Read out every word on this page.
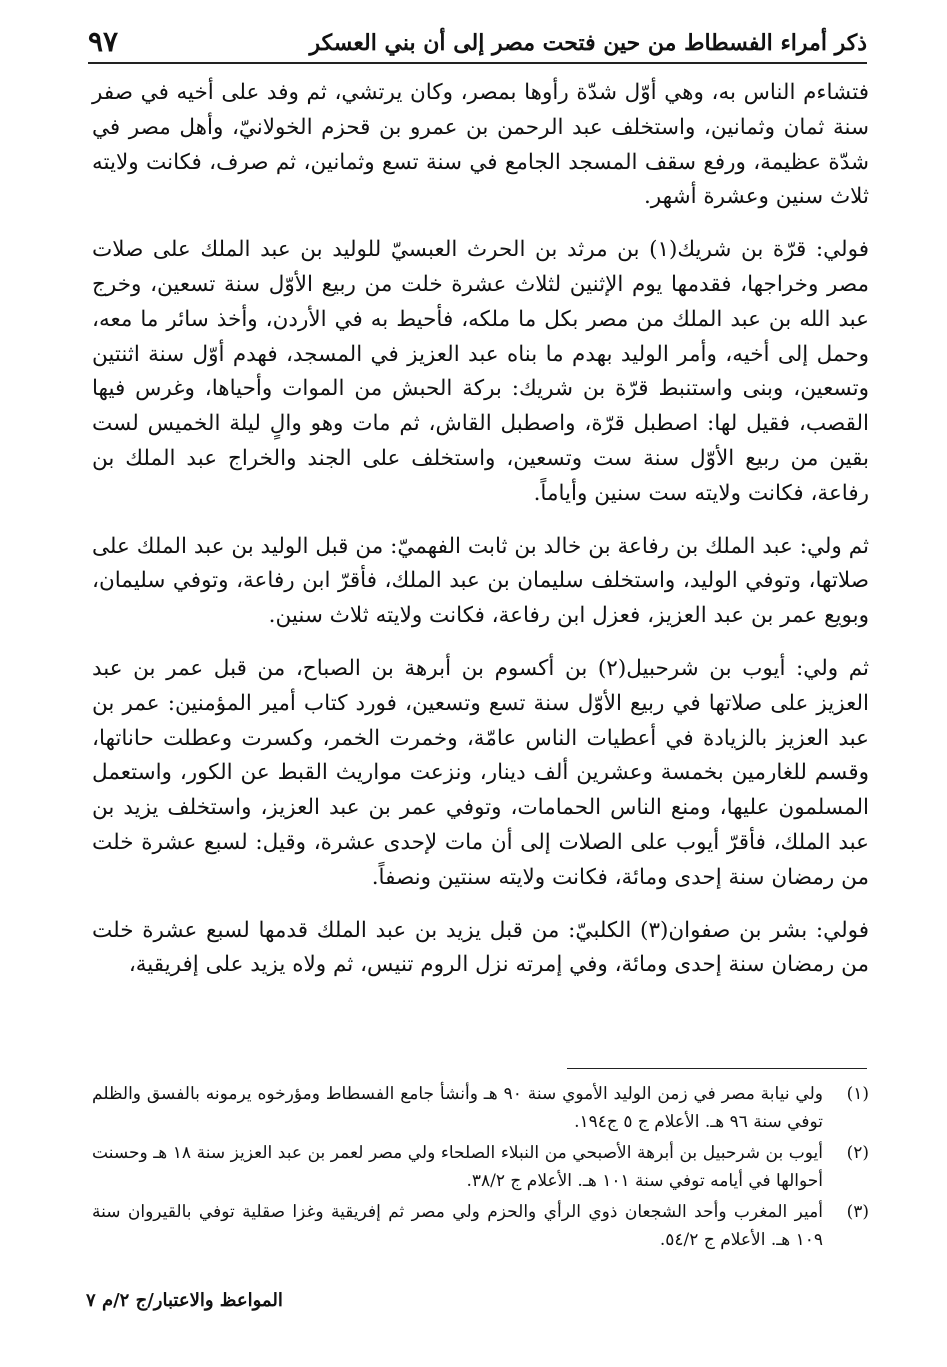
ذكر أمراء الفسطاط من حين فتحت مصر إلى أن بني العسكر
٩٧

فتشاءم الناس به، وهي أوّل شدّة رأوها بمصر، وكان يرتشي، ثم وفد على أخيه في صفر سنة ثمان وثمانين، واستخلف عبد الرحمن بن عمرو بن قحزم الخولانيّ، وأهل مصر في شدّة عظيمة، ورفع سقف المسجد الجامع في سنة تسع وثمانين، ثم صرف، فكانت ولايته ثلاث سنين وعشرة أشهر.

فولي: قرّة بن شريك(١) بن مرثد بن الحرث العبسيّ للوليد بن عبد الملك على صلات مصر وخراجها، فقدمها يوم الإثنين لثلاث عشرة خلت من ربيع الأوّل سنة تسعين، وخرج عبد الله بن عبد الملك من مصر بكل ما ملكه، فأحيط به في الأردن، وأخذ سائر ما معه، وحمل إلى أخيه، وأمر الوليد بهدم ما بناه عبد العزيز في المسجد، فهدم أوّل سنة اثنتين وتسعين، وبنى واستنبط قرّة بن شريك: بركة الحبش من الموات وأحياها، وغرس فيها القصب، فقيل لها: اصطبل قرّة، واصطبل القاش، ثم مات وهو والٍ ليلة الخميس لست بقين من ربيع الأوّل سنة ست وتسعين، واستخلف على الجند والخراج عبد الملك بن رفاعة، فكانت ولايته ست سنين وأياماً.

ثم ولي: عبد الملك بن رفاعة بن خالد بن ثابت الفهميّ: من قبل الوليد بن عبد الملك على صلاتها، وتوفي الوليد، واستخلف سليمان بن عبد الملك، فأقرّ ابن رفاعة، وتوفي سليمان، وبويع عمر بن عبد العزيز، فعزل ابن رفاعة، فكانت ولايته ثلاث سنين.

ثم ولي: أيوب بن شرحبيل(٢) بن أكسوم بن أبرهة بن الصباح، من قبل عمر بن عبد العزيز على صلاتها في ربيع الأوّل سنة تسع وتسعين، فورد كتاب أمير المؤمنين: عمر بن عبد العزيز بالزيادة في أعطيات الناس عامّة، وخمرت الخمر، وكسرت وعطلت حاناتها، وقسم للغارمين بخمسة وعشرين ألف دينار، ونزعت مواريث القبط عن الكور، واستعمل المسلمون عليها، ومنع الناس الحمامات، وتوفي عمر بن عبد العزيز، واستخلف يزيد بن عبد الملك، فأقرّ أيوب على الصلات إلى أن مات لإحدى عشرة، وقيل: لسبع عشرة خلت من رمضان سنة إحدى ومائة، فكانت ولايته سنتين ونصفاً.

فولي: بشر بن صفوان(٣) الكلبيّ: من قبل يزيد بن عبد الملك قدمها لسبع عشرة خلت من رمضان سنة إحدى ومائة، وفي إمرته نزل الروم تنيس، ثم ولاه يزيد على إفريقية،

(١)
ولي نيابة مصر في زمن الوليد الأموي سنة ٩٠ هـ وأنشأ جامع الفسطاط ومؤرخوه يرمونه بالفسق والظلم توفي سنة ٩٦ هـ. الأعلام ج ٥ ج١٩٤.
(٢)
أيوب بن شرحبيل بن أبرهة الأصبحي من النبلاء الصلحاء ولي مصر لعمر بن عبد العزيز سنة ١٨ هـ وحسنت أحوالها في أيامه توفي سنة ١٠١ هـ. الأعلام ج ٣٨/٢.
(٣)
أمير المغرب وأحد الشجعان ذوي الرأي والحزم ولي مصر ثم إفريقية وغزا صقلية توفي بالقيروان سنة ١٠٩ هـ. الأعلام ج ٥٤/٢.
المواعظ والاعتبار/ج ٢/م ٧
